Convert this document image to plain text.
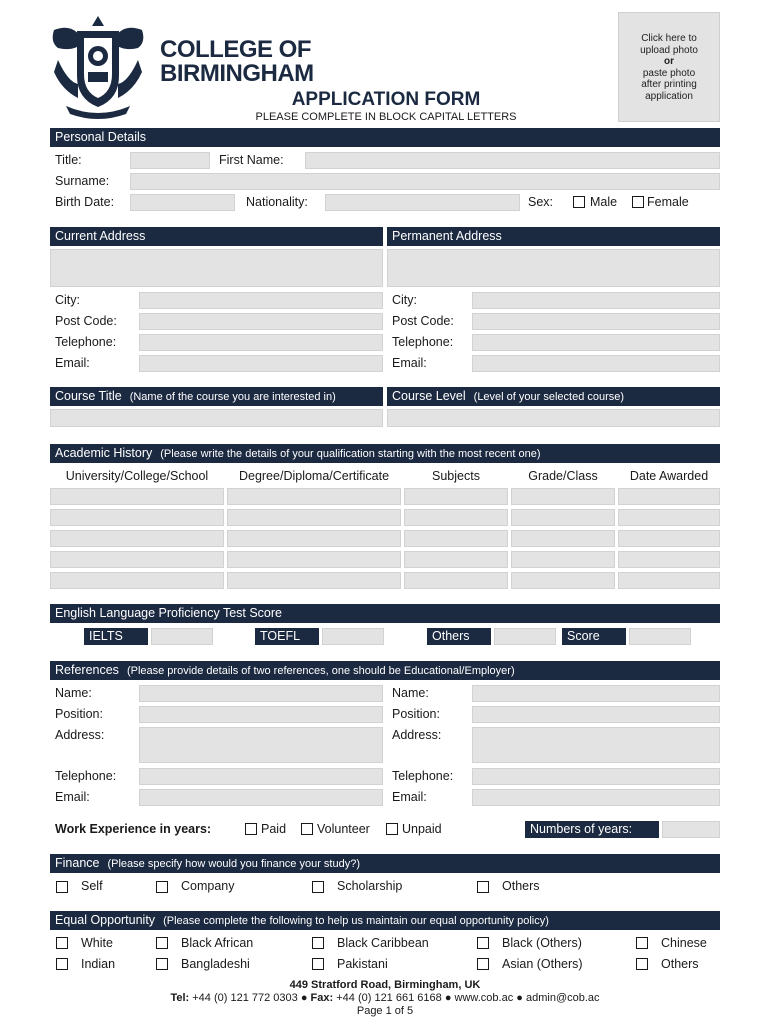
COLLEGE OF
BIRMINGHAM
APPLICATION FORM
PLEASE COMPLETE IN BLOCK CAPITAL LETTERS
Click here to
upload photo
or
paste photo
after printing
application
Personal Details
Title:	First Name:
Surname:
Birth Date:	Nationality:	Sex:	Male Female
Current Address	Permanent Address
City:	City:
Post Code:	Post Code:
Telephone:	Telephone:
Email:	Email:
Course Title (Name of the course you are interested in)	Course Level (Level of your selected course)
Academic History (Please write the details of your qualification starting with the most recent one)
University/College/School	Degree/Diploma/Certificate	Subjects	Grade/Class	Date Awarded
English Language Proficiency Test Score
IELTS	TOEFL	Others	Score
References (Please provide details of two references, one should be Educational/Employer)
Name:	Name:
Position:	Position:
Address:	Address:
Telephone:	Telephone:
Email:	Email:
Work Experience in years:	Paid Volunteer	Unpaid	Numbers of years:
Finance (Please specify how would you finance your study?)
Self	Company	Scholarship	Others
Equal Opportunity (Please complete the following to help us maintain our equal opportunity policy)
White	Black African	Black Caribbean	Black (Others)	Chinese
Indian	Bangladeshi	Pakistani	Asian (Others)	Others
449 Stratford Road, Birmingham, UK
Tel: +44 (0) 121 772 0303 ● Fax: +44 (0) 121 661 6168 ● www.cob.ac ● admin@cob.ac
Page 1 of 5
